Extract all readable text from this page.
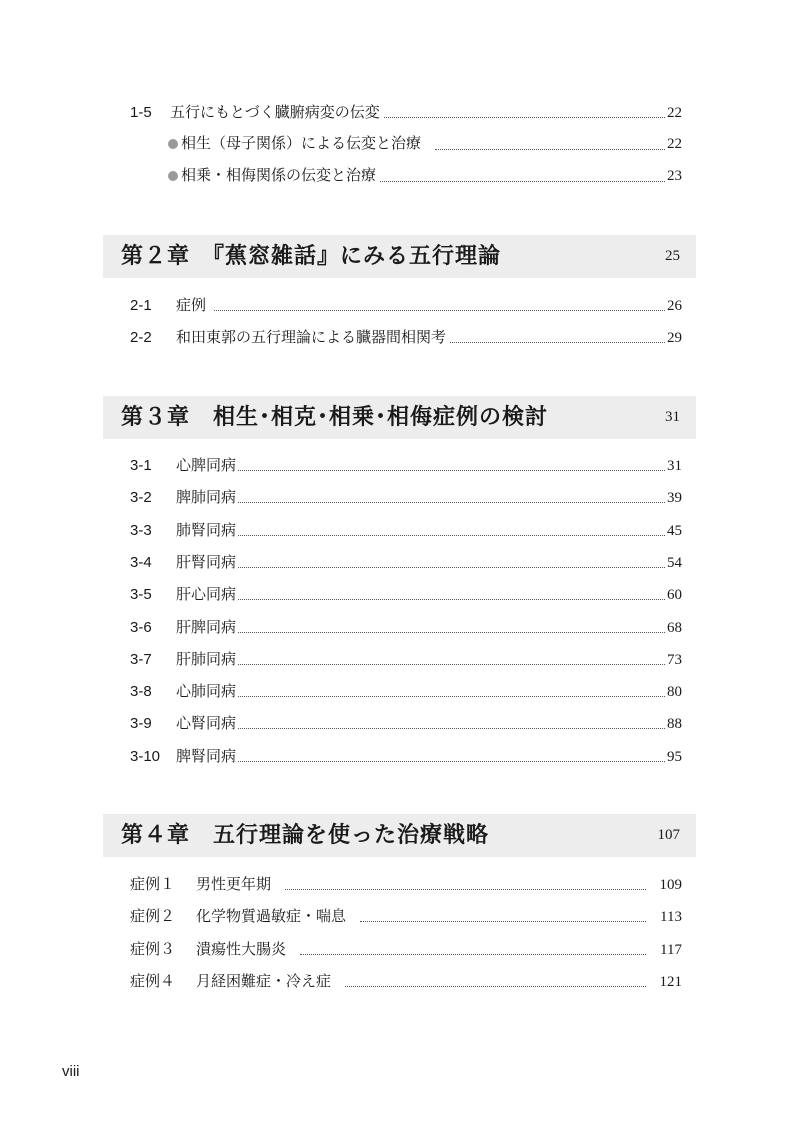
1-5	五行にもとづく臓腑病変の伝変	22
相生（母子関係）による伝変と治療	22
相乗・相侮関係の伝変と治療	23
第２章　『蕉窓雑話』にみる五行理論	25
2-1	症例	26
2-2	和田東郭の五行理論による臓器間相関考	29
第３章　相生･相克･相乗･相侮症例の検討	31
3-1	心脾同病	31
3-2	脾肺同病	39
3-3	肺腎同病	45
3-4	肝腎同病	54
3-5	肝心同病	60
3-6	肝脾同病	68
3-7	肝肺同病	73
3-8	心肺同病	80
3-9	心腎同病	88
3-10	脾腎同病	95
第４章　五行理論を使った治療戦略	107
症例１	男性更年期	109
症例２	化学物質過敏症・喘息	113
症例３	潰瘍性大腸炎	117
症例４	月経困難症・冷え症	121
viii
